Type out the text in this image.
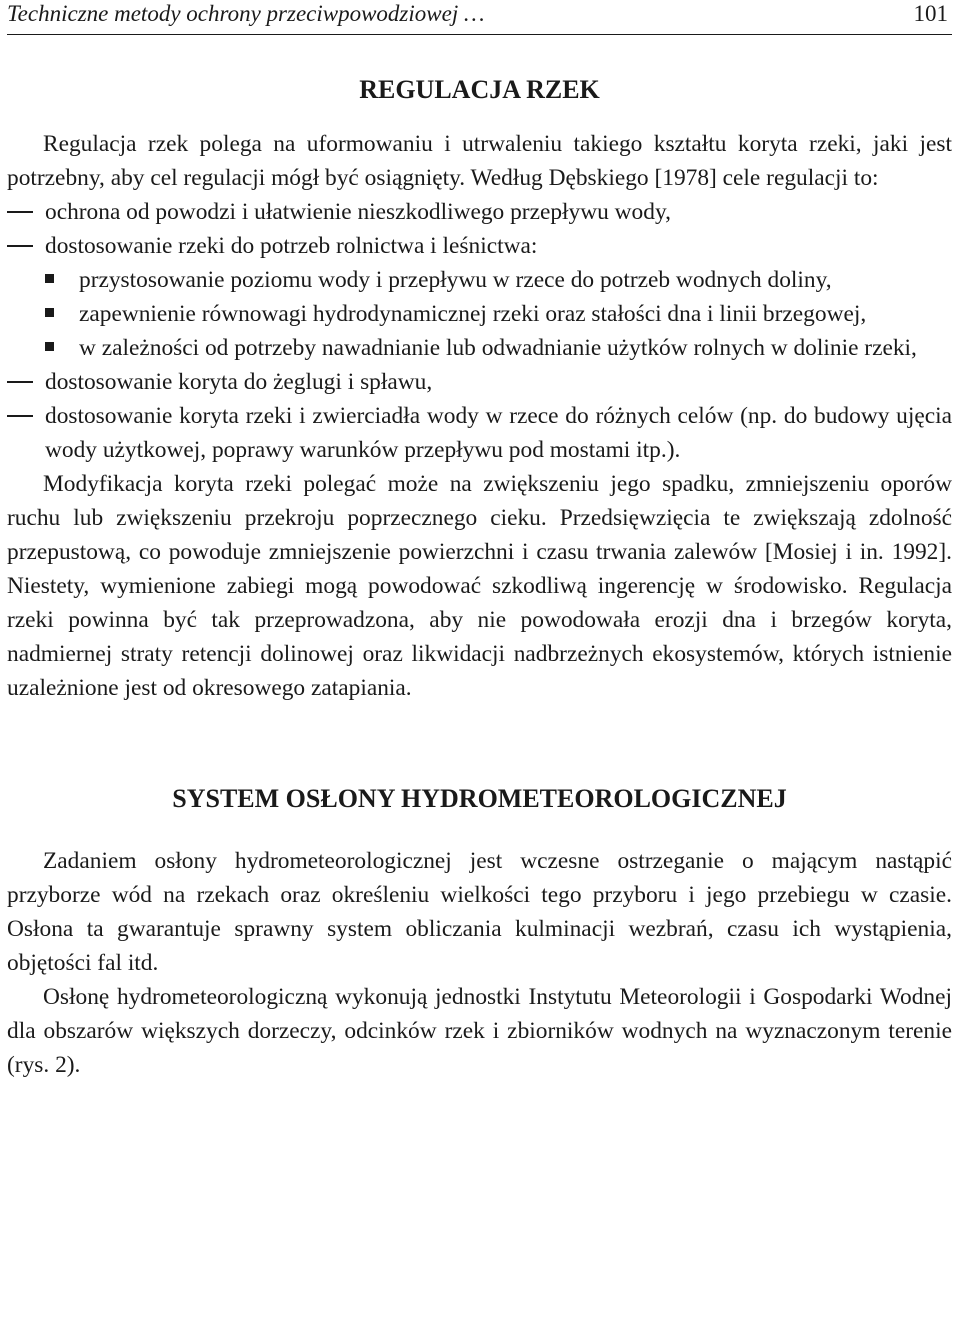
Techniczne metody ochrony przeciwpowodziowej …	101
REGULACJA RZEK

Regulacja rzek polega na uformowaniu i utrwaleniu takiego kształtu koryta rzeki, jaki jest potrzebny, aby cel regulacji mógł być osiągnięty. Według Dębskiego [1978] cele regulacji to:

ochrona od powodzi i ułatwienie nieszkodliwego przepływu wody,
dostosowanie rzeki do potrzeb rolnictwa i leśnictwa:
przystosowanie poziomu wody i przepływu w rzece do potrzeb wodnych doliny,
zapewnienie równowagi hydrodynamicznej rzeki oraz stałości dna i linii brzegowej,
w zależności od potrzeby nawadnianie lub odwadnianie użytków rolnych w dolinie rzeki,
dostosowanie koryta do żeglugi i spławu,
dostosowanie koryta rzeki i zwierciadła wody w rzece do różnych celów (np. do budowy ujęcia wody użytkowej, poprawy warunków przepływu pod mostami itp.).

Modyfikacja koryta rzeki polegać może na zwiększeniu jego spadku, zmniejszeniu oporów ruchu lub zwiększeniu przekroju poprzecznego cieku. Przedsięwzięcia te zwiększają zdolność przepustową, co powoduje zmniejszenie powierzchni i czasu trwania zalewów [Mosiej i in. 1992]. Niestety, wymienione zabiegi mogą powodować szkodliwą ingerencję w środowisko. Regulacja rzeki powinna być tak przeprowadzona, aby nie powodowała erozji dna i brzegów koryta, nadmiernej straty retencji dolinowej oraz likwidacji nadbrzeżnych ekosystemów, których istnienie uzależnione jest od okresowego zatapiania.

SYSTEM OSŁONY HYDROMETEOROLOGICZNEJ

Zadaniem osłony hydrometeorologicznej jest wczesne ostrzeganie o mającym nastąpić przyborze wód na rzekach oraz określeniu wielkości tego przyboru i jego przebiegu w czasie. Osłona ta gwarantuje sprawny system obliczania kulminacji wezbrań, czasu ich wystąpienia, objętości fal itd.

Osłonę hydrometeorologiczną wykonują jednostki Instytutu Meteorologii i Gospodarki Wodnej dla obszarów większych dorzeczy, odcinków rzek i zbiorników wodnych na wyznaczonym terenie (rys. 2).
